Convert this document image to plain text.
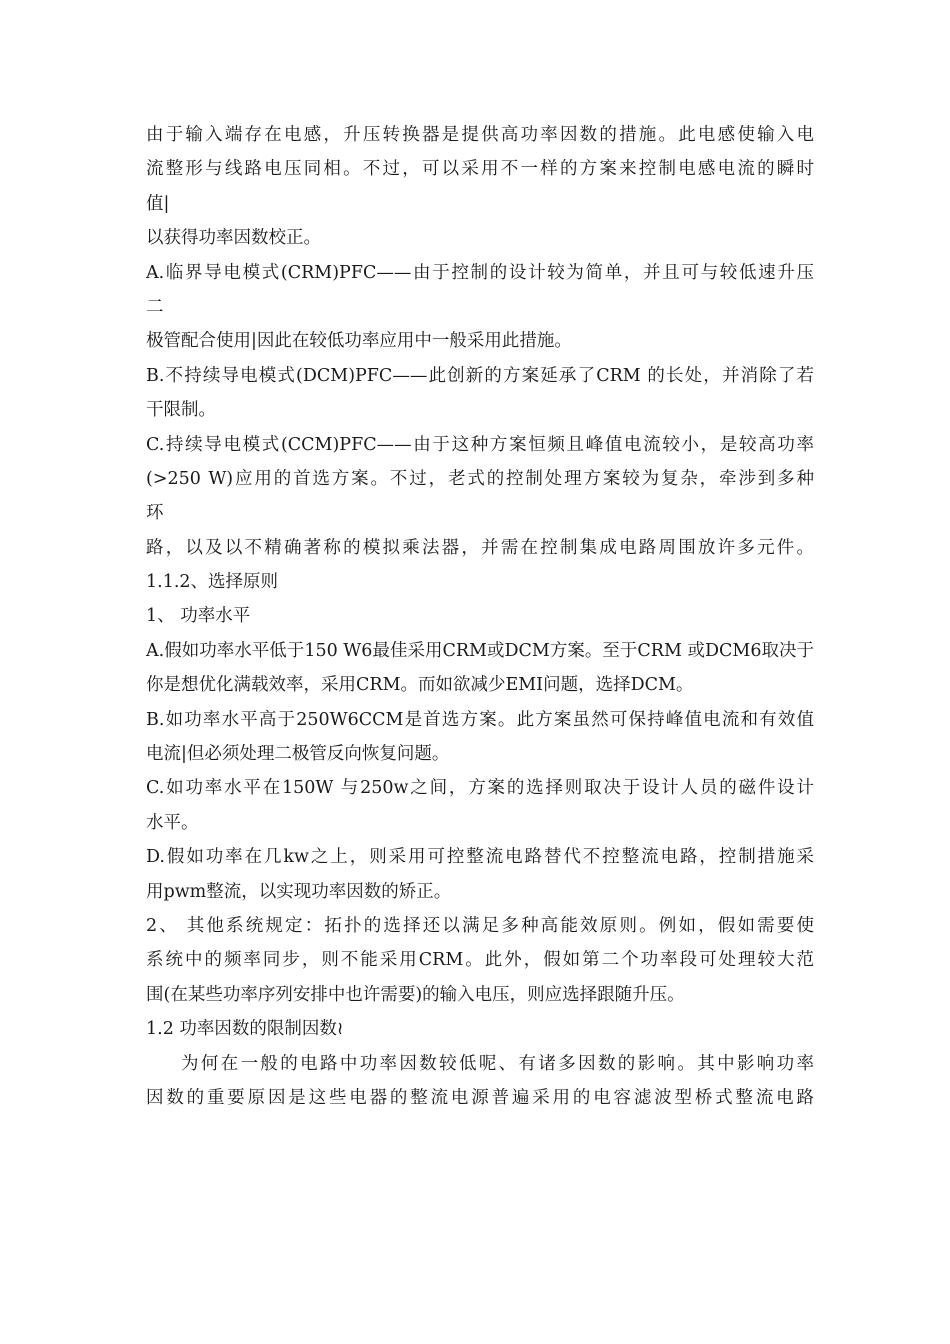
由于输入端存在电感，升压转换器是提供高功率因数的措施。此电感使输入电
流整形与线路电压同相。不过，可以采用不一样的方案来控制电感电流的瞬时
值|
以获得功率因数校正。
A.临界导电模式(CRM)PFC——由于控制的设计较为简单，并且可与较低速升压
二
极管配合使用|因此在较低功率应用中一般采用此措施。
B.不持续导电模式(DCM)PFC——此创新的方案延承了CRM 的长处，并消除了若
干限制。
C.持续导电模式(CCM)PFC——由于这种方案恒频且峰值电流较小，是较高功率
(>250 W)应用的首选方案。不过，老式的控制处理方案较为复杂，牵涉到多种
环
路，以及以不精确著称的模拟乘法器，并需在控制集成电路周围放许多元件。
1.1.2、选择原则
1、 功率水平
A.假如功率水平低于150 W6最佳采用CRM或DCM方案。至于CRM 或DCM6取决于
你是想优化满载效率，采用CRM。而如欲减少EMI问题，选择DCM。
B.如功率水平高于250W6CCM是首选方案。此方案虽然可保持峰值电流和有效值
电流|但必须处理二极管反向恢复问题。
C.如功率水平在150W 与250w之间，方案的选择则取决于设计人员的磁件设计
水平。
D.假如功率在几kw之上，则采用可控整流电路替代不控整流电路，控制措施采
用pwm整流，以实现功率因数的矫正。
2、 其他系统规定：拓扑的选择还以满足多种高能效原则。例如，假如需要使
系统中的频率同步，则不能采用CRM。此外，假如第二个功率段可处理较大范
围(在某些功率序列安排中也许需要)的输入电压，则应选择跟随升压。
1.2 功率因数的限制因数≀
为何在一般的电路中功率因数较低呢、有诸多因数的影响。其中影响功率
因数的重要原因是这些电器的整流电源普遍采用的电容滤波型桥式整流电路
